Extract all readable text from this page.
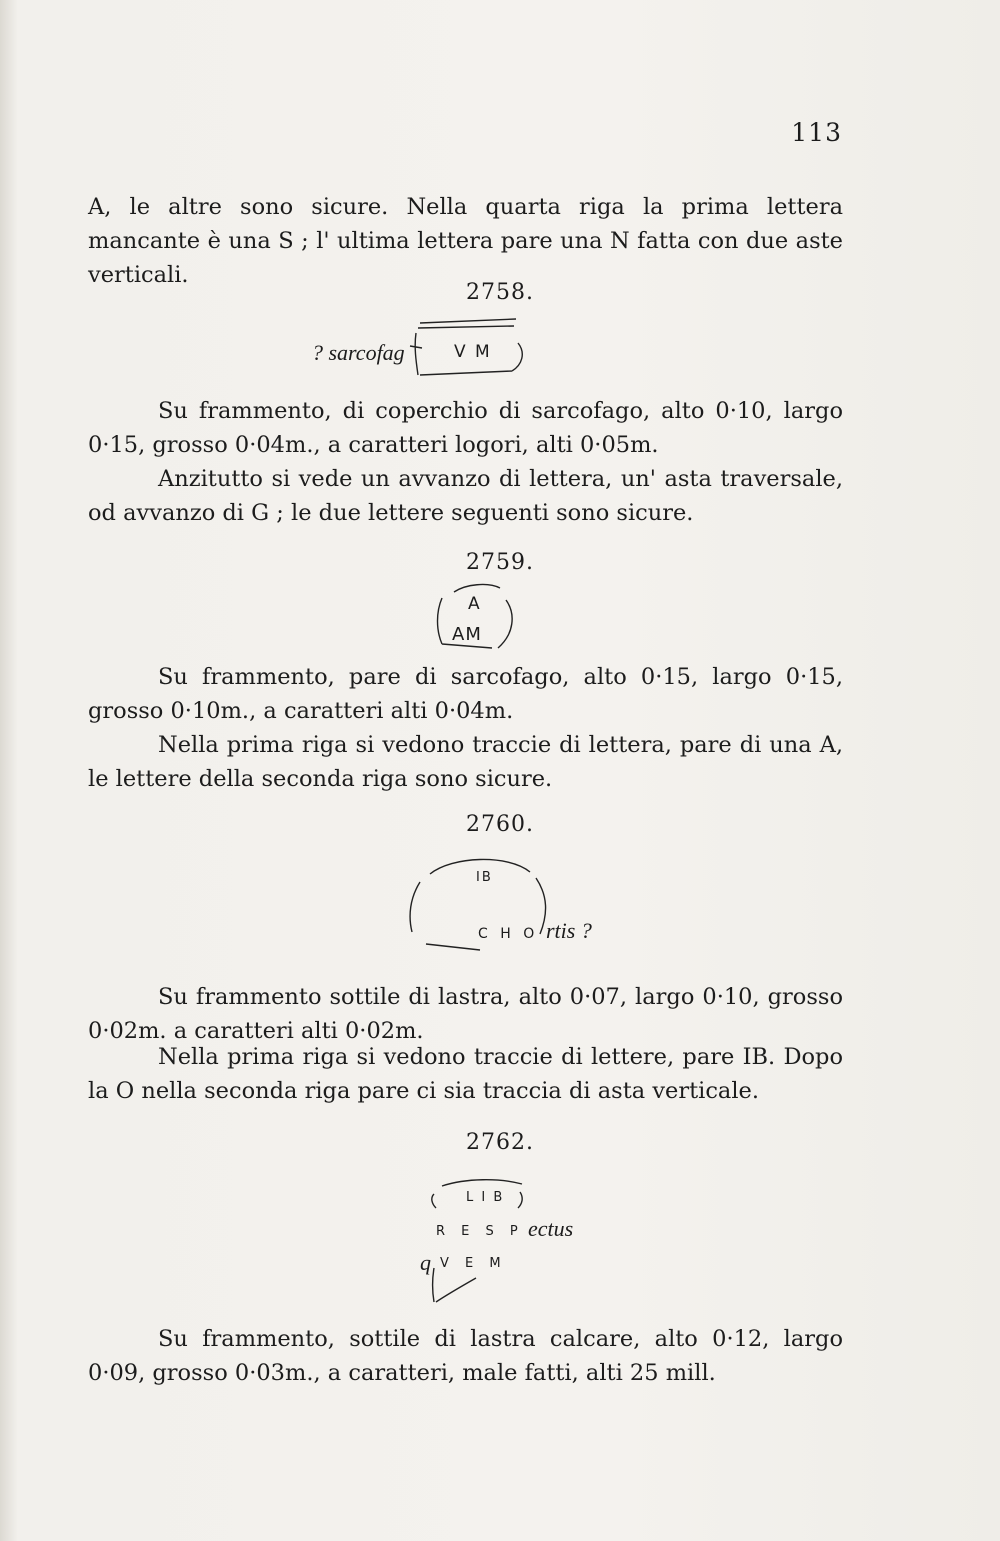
113

A, le altre sono sicure. Nella quarta riga la prima lettera mancante è una S ; l' ultima lettera pare una N fatta con due aste verticali.

2758.
? sarcofag	V M

Su frammento, di coperchio di sarcofago, alto 0·10, largo 0·15, grosso 0·04m., a caratteri logori, alti 0·05m.

Anzitutto si vede un avvanzo di lettera, un' asta traversale, od avvanzo di G ; le due lettere seguenti sono sicure.

2759.
A
AM

Su frammento, pare di sarcofago, alto 0·15, largo 0·15, grosso 0·10m., a caratteri alti 0·04m.

Nella prima riga si vedono traccie di lettera, pare di una A, le lettere della seconda riga sono sicure.

2760.
IB
C H O rtis ?

Su frammento sottile di lastra, alto 0·07, largo 0·10, grosso 0·02m. a caratteri alti 0·02m.

Nella prima riga si vedono traccie di lettere, pare IB. Dopo la O nella seconda riga pare ci sia traccia di asta verticale.

2762.
L I B
R E S P ectus
q V E M

Su frammento, sottile di lastra calcare, alto 0·12, largo 0·09, grosso 0·03m., a caratteri, male fatti, alti 25 mill.
